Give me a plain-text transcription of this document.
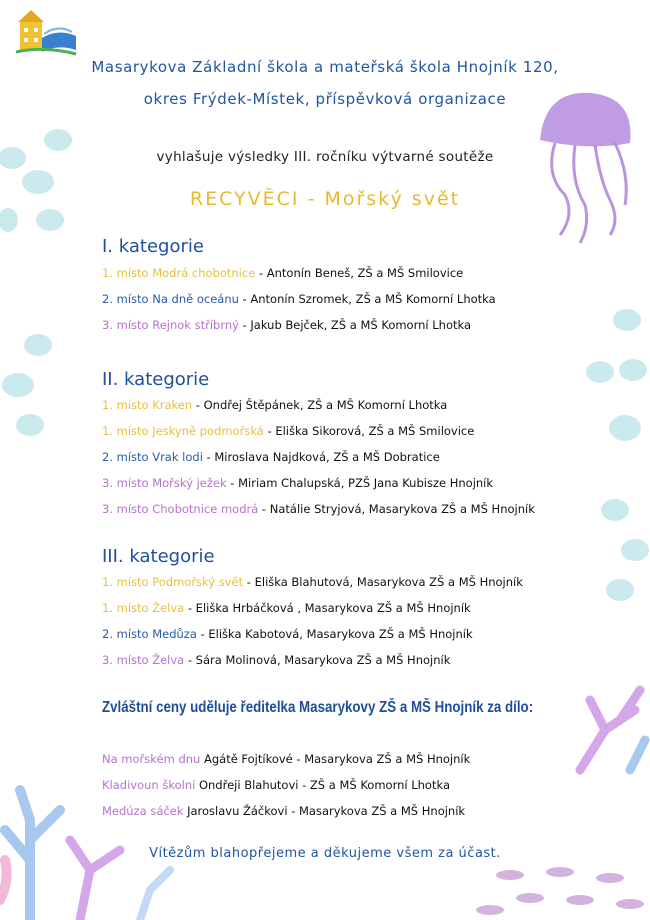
Masarykova Základní škola a mateřská škola Hnojník 120,
okres Frýdek-Místek, příspěvková organizace
vyhlašuje výsledky III. ročníku výtvarné soutěže
RECYVĚCI - Mořský svět
I. kategorie
1. místo Modrá chobotnice - Antonín Beneš, ZŠ a MŠ Smilovice
2. místo Na dně oceánu - Antonín Szromek, ZŠ a MŠ Komorní Lhotka
3. místo Rejnok stříbrný - Jakub Bejček, ZŠ a MŠ Komorní Lhotka
II. kategorie
1. místo Kraken - Ondřej Štěpánek, ZŠ a MŠ Komorní Lhotka
1. místo Jeskyně podmořská - Eliška Sikorová, ZŠ a MŠ Smilovice
2. místo Vrak lodi - Miroslava Najdková, ZŠ a MŠ Dobratice
3. místo Mořský ježek - Miriam Chalupská, PZŠ Jana Kubisze Hnojník
3. místo Chobotnice modrá - Natálie Stryjová, Masarykova ZŠ a MŠ Hnojník
III. kategorie
1. místo Podmořský svět - Eliška Blahutová, Masarykova ZŠ a MŠ Hnojník
1. místo Želva - Eliška Hrbáčková , Masarykova ZŠ a MŠ Hnojník
2. místo Medůza - Eliška Kabotová, Masarykova ZŠ a MŠ Hnojník
3. místo Želva - Sára Molinová, Masarykova ZŠ a MŠ Hnojník
Zvláštní ceny uděluje ředitelka Masarykovy ZŠ a MŠ Hnojník za dílo:
Na mořském dnu Agátě Fojtíkové - Masarykova ZŠ a MŠ Hnojník
Kladivoun školní Ondřeji Blahutovi - ZŠ a MŠ Komorní Lhotka
Medúza sáček Jaroslavu Žáčkovi - Masarykova ZŠ a MŠ Hnojník
Vítězům blahopřejeme a děkujeme všem za účast.
